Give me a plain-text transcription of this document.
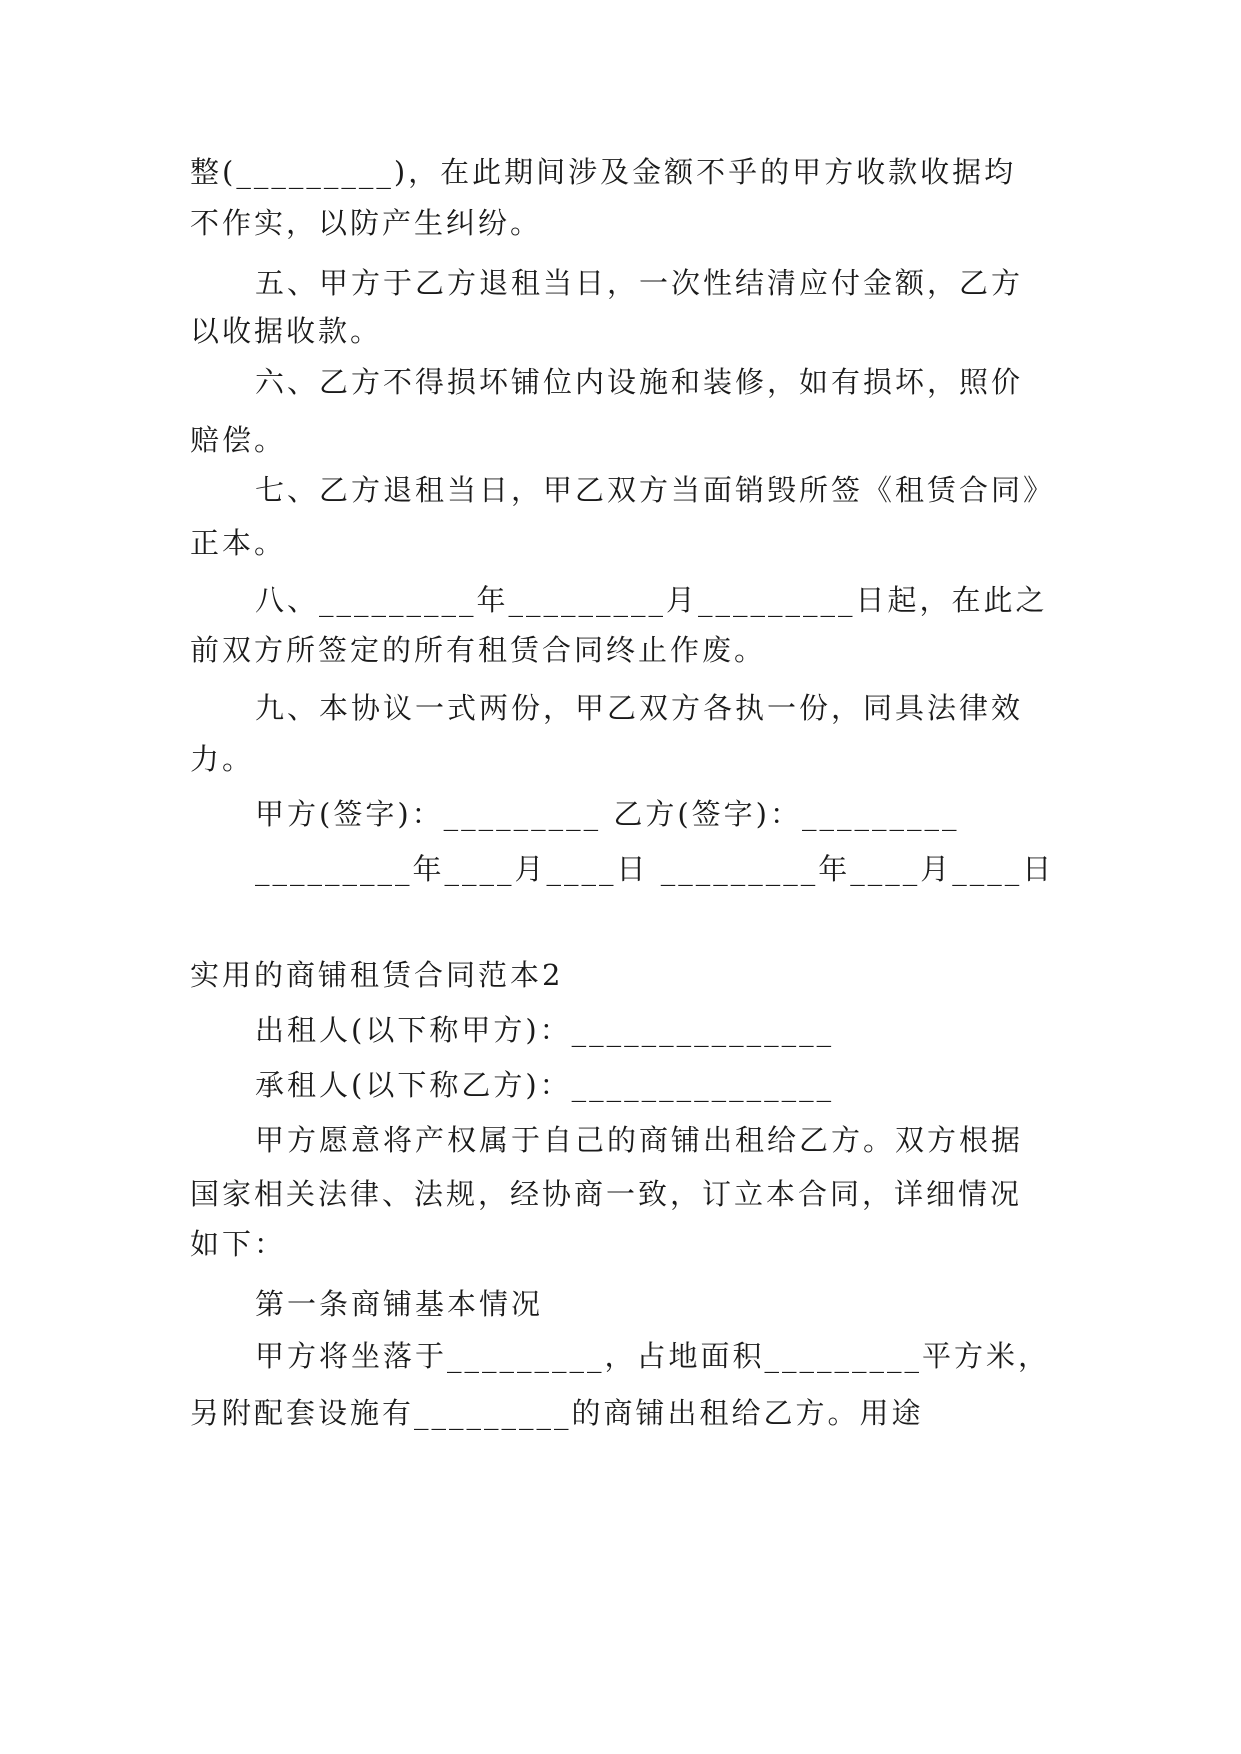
整(_________)，在此期间涉及金额不乎的甲方收款收据均
不作实，以防产生纠纷。
五、甲方于乙方退租当日，一次性结清应付金额，乙方
以收据收款。
六、乙方不得损坏铺位内设施和装修，如有损坏，照价
赔偿。
七、乙方退租当日，甲乙双方当面销毁所签《租赁合同》
正本。
八、_________年_________月_________日起，在此之
前双方所签定的所有租赁合同终止作废。
九、本协议一式两份，甲乙双方各执一份，同具法律效
力。
甲方(签字)：_________ 乙方(签字)：_________
_________年____月____日 _________年____月____日
实用的商铺租赁合同范本2
出租人(以下称甲方)：_______________
承租人(以下称乙方)：_______________
甲方愿意将产权属于自己的商铺出租给乙方。双方根据
国家相关法律、法规，经协商一致，订立本合同，详细情况
如下：
第一条商铺基本情况
甲方将坐落于_________，占地面积_________平方米，
另附配套设施有_________的商铺出租给乙方。用途
